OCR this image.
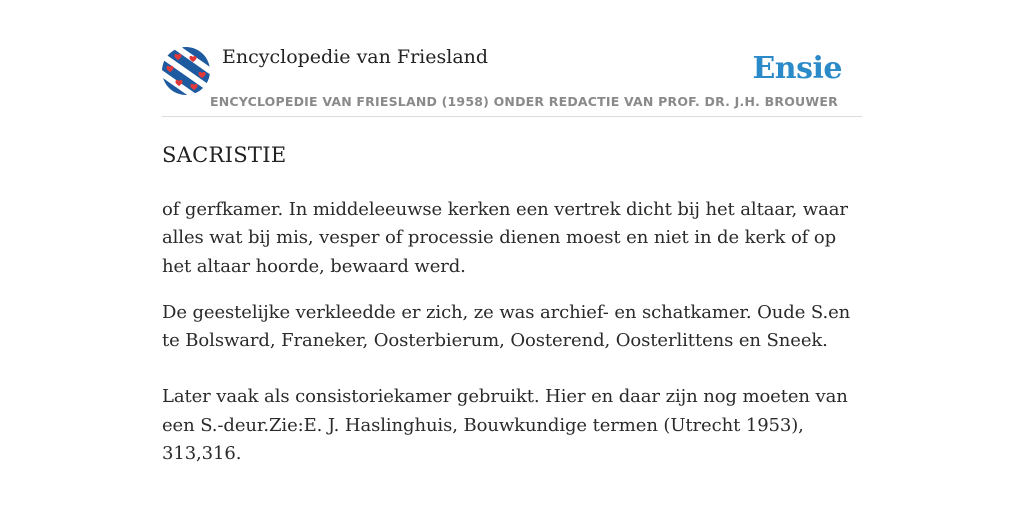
Encyclopedie van Friesland
ENCYCLOPEDIE VAN FRIESLAND (1958) ONDER REDACTIE VAN PROF. DR. J.H. BROUWER
Ensie
SACRISTIE

of gerfkamer. In middeleeuwse kerken een vertrek dicht bij het altaar, waar alles wat bij mis, vesper of processie dienen moest en niet in de kerk of op het altaar hoorde, bewaard werd.

De geestelijke verkleedde er zich, ze was archief- en schatkamer. Oude S.en te Bolsward, Franeker, Oosterbierum, Oosterend, Oosterlittens en Sneek.

Later vaak als consistoriekamer gebruikt. Hier en daar zijn nog moeten van een S.-deur.Zie:E. J. Haslinghuis, Bouwkundige termen (Utrecht 1953), 313,316.
